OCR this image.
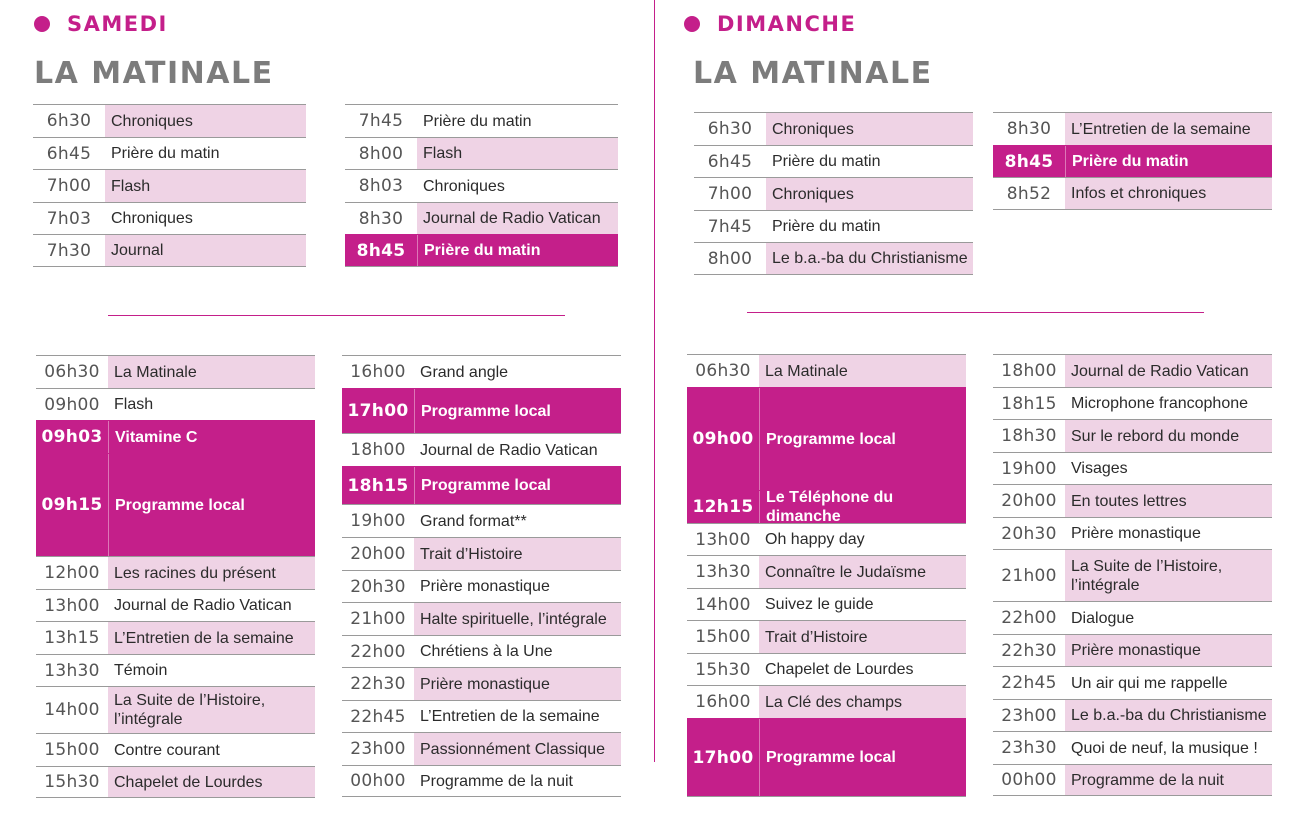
SAMEDI
LA MATINALE
DIMANCHE
LA MATINALE
6h30	Chroniques
6h45	Prière du matin
7h00	Flash
7h03	Chroniques
7h30	Journal
7h45	Prière du matin
8h00	Flash
8h03	Chroniques
8h30	Journal de Radio Vatican
8h45	Prière du matin
06h30 La Matinale
09h00 Flash
09h03 Vitamine C
09h15 Programme local
12h00 Les racines du présent
13h00 Journal de Radio Vatican
13h15 L’Entretien de la semaine
13h30 Témoin
14h00 La Suite de l’Histoire, l’intégrale
15h00 Contre courant
15h30 Chapelet de Lourdes
16h00 Grand angle
17h00 Programme local
18h00 Journal de Radio Vatican
18h15 Programme local
19h00 Grand format**
20h00 Trait d’Histoire
20h30 Prière monastique
21h00 Halte spirituelle, l’intégrale
22h00 Chrétiens à la Une
22h30 Prière monastique
22h45 L’Entretien de la semaine
23h00 Passionnément Classique
00h00 Programme de la nuit
6h30	Chroniques
6h45	Prière du matin
7h00	Chroniques
7h45	Prière du matin
8h00	Le b.a.-ba du Christianisme
8h30	L’Entretien de la semaine
8h45	Prière du matin
8h52	Infos et chroniques
06h30 La Matinale
09h00 Programme local
12h15 Le Téléphone du dimanche
13h00 Oh happy day
13h30 Connaître le Judaïsme
14h00 Suivez le guide
15h00 Trait d’Histoire
15h30 Chapelet de Lourdes
16h00 La Clé des champs
17h00 Programme local
18h00 Journal de Radio Vatican
18h15 Microphone francophone
18h30 Sur le rebord du monde
19h00 Visages
20h00 En toutes lettres
20h30 Prière monastique
21h00 La Suite de l’Histoire, l’intégrale
22h00 Dialogue
22h30 Prière monastique
22h45 Un air qui me rappelle
23h00 Le b.a.-ba du Christianisme
23h30 Quoi de neuf, la musique !
00h00 Programme de la nuit
